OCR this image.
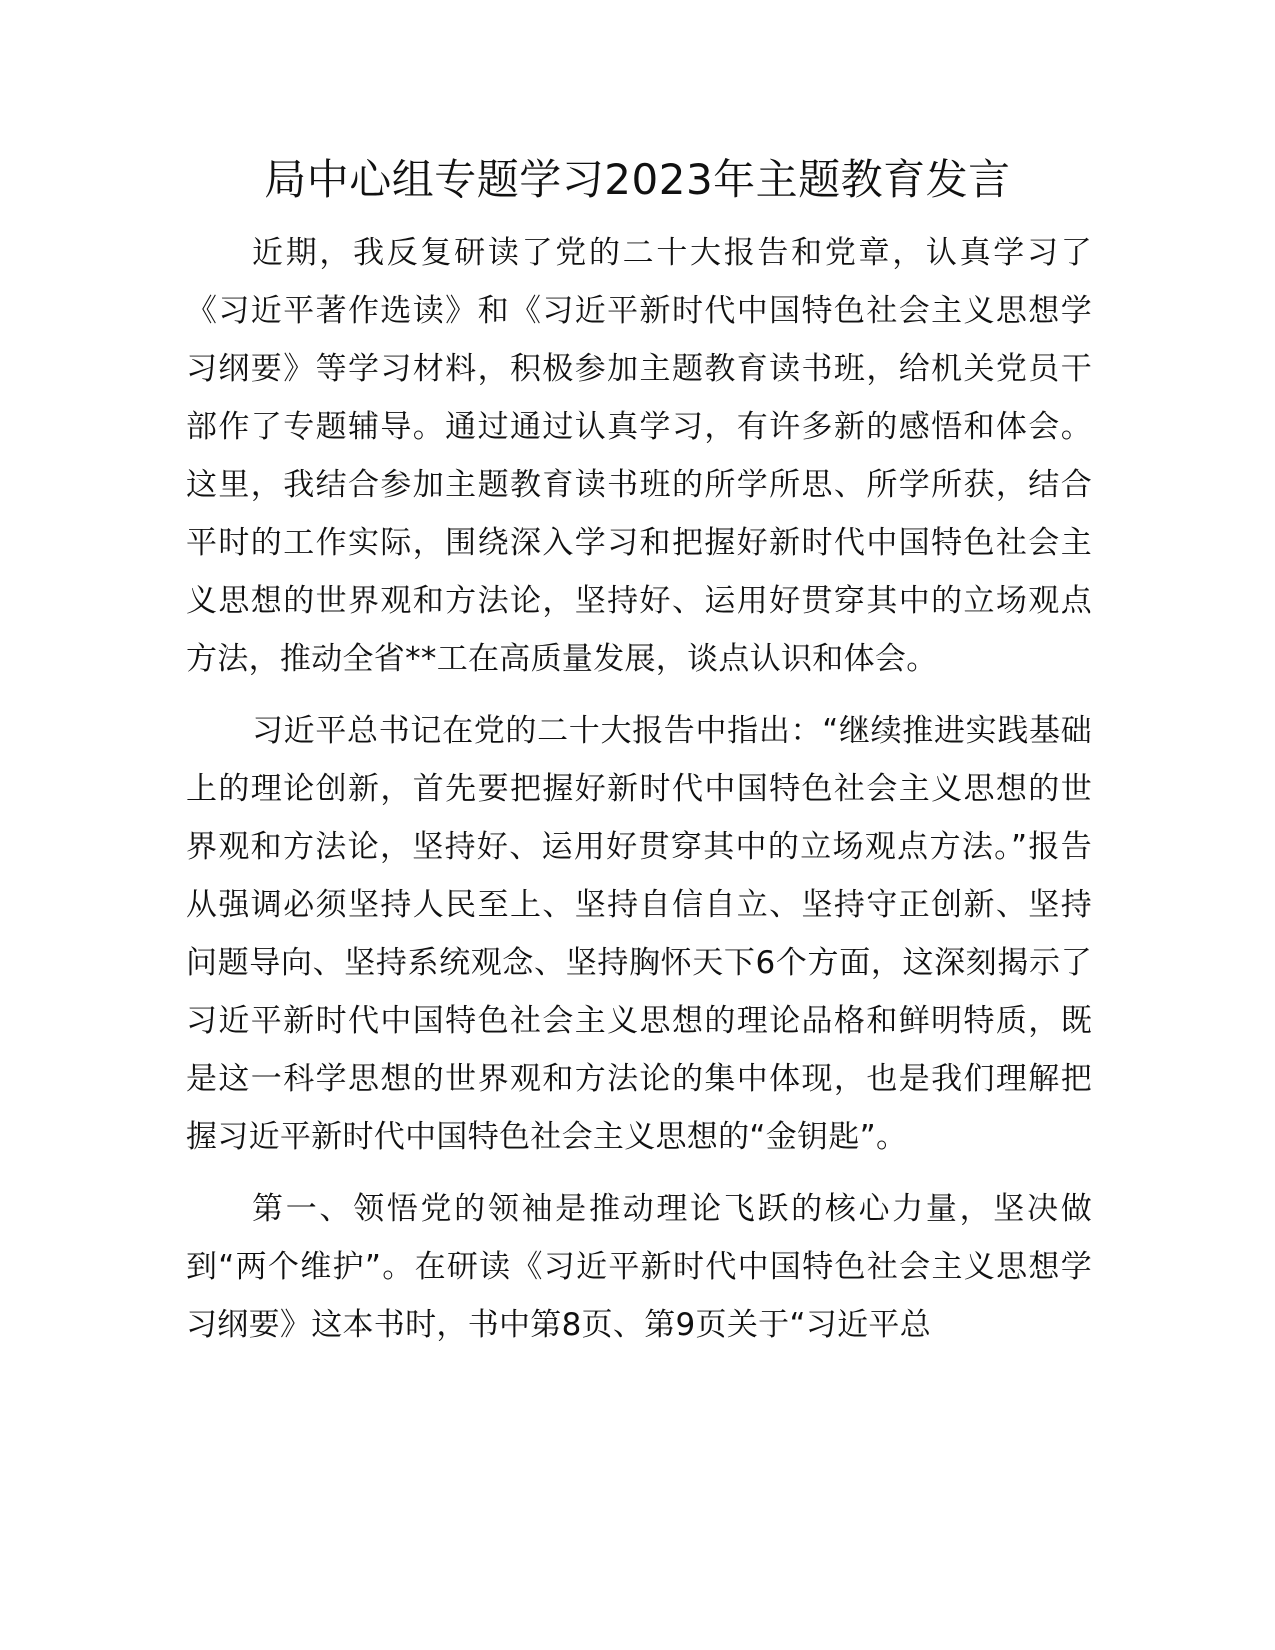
局中心组专题学习2023年主题教育发言

近期，我反复研读了党的二十大报告和党章，认真学习了《习近平著作选读》和《习近平新时代中国特色社会主义思想学习纲要》等学习材料，积极参加主题教育读书班，给机关党员干部作了专题辅导。通过通过认真学习，有许多新的感悟和体会。这里，我结合参加主题教育读书班的所学所思、所学所获，结合平时的工作实际，围绕深入学习和把握好新时代中国特色社会主义思想的世界观和方法论，坚持好、运用好贯穿其中的立场观点方法，推动全省**工在高质量发展，谈点认识和体会。

习近平总书记在党的二十大报告中指出：“继续推进实践基础上的理论创新，首先要把握好新时代中国特色社会主义思想的世界观和方法论，坚持好、运用好贯穿其中的立场观点方法。”报告从强调必须坚持人民至上、坚持自信自立、坚持守正创新、坚持问题导向、坚持系统观念、坚持胸怀天下6个方面，这深刻揭示了习近平新时代中国特色社会主义思想的理论品格和鲜明特质，既是这一科学思想的世界观和方法论的集中体现，也是我们理解把握习近平新时代中国特色社会主义思想的“金钥匙”。

第一、领悟党的领袖是推动理论飞跃的核心力量，坚决做到“两个维护”。在研读《习近平新时代中国特色社会主义思想学习纲要》这本书时，书中第8页、第9页关于“习近平总
